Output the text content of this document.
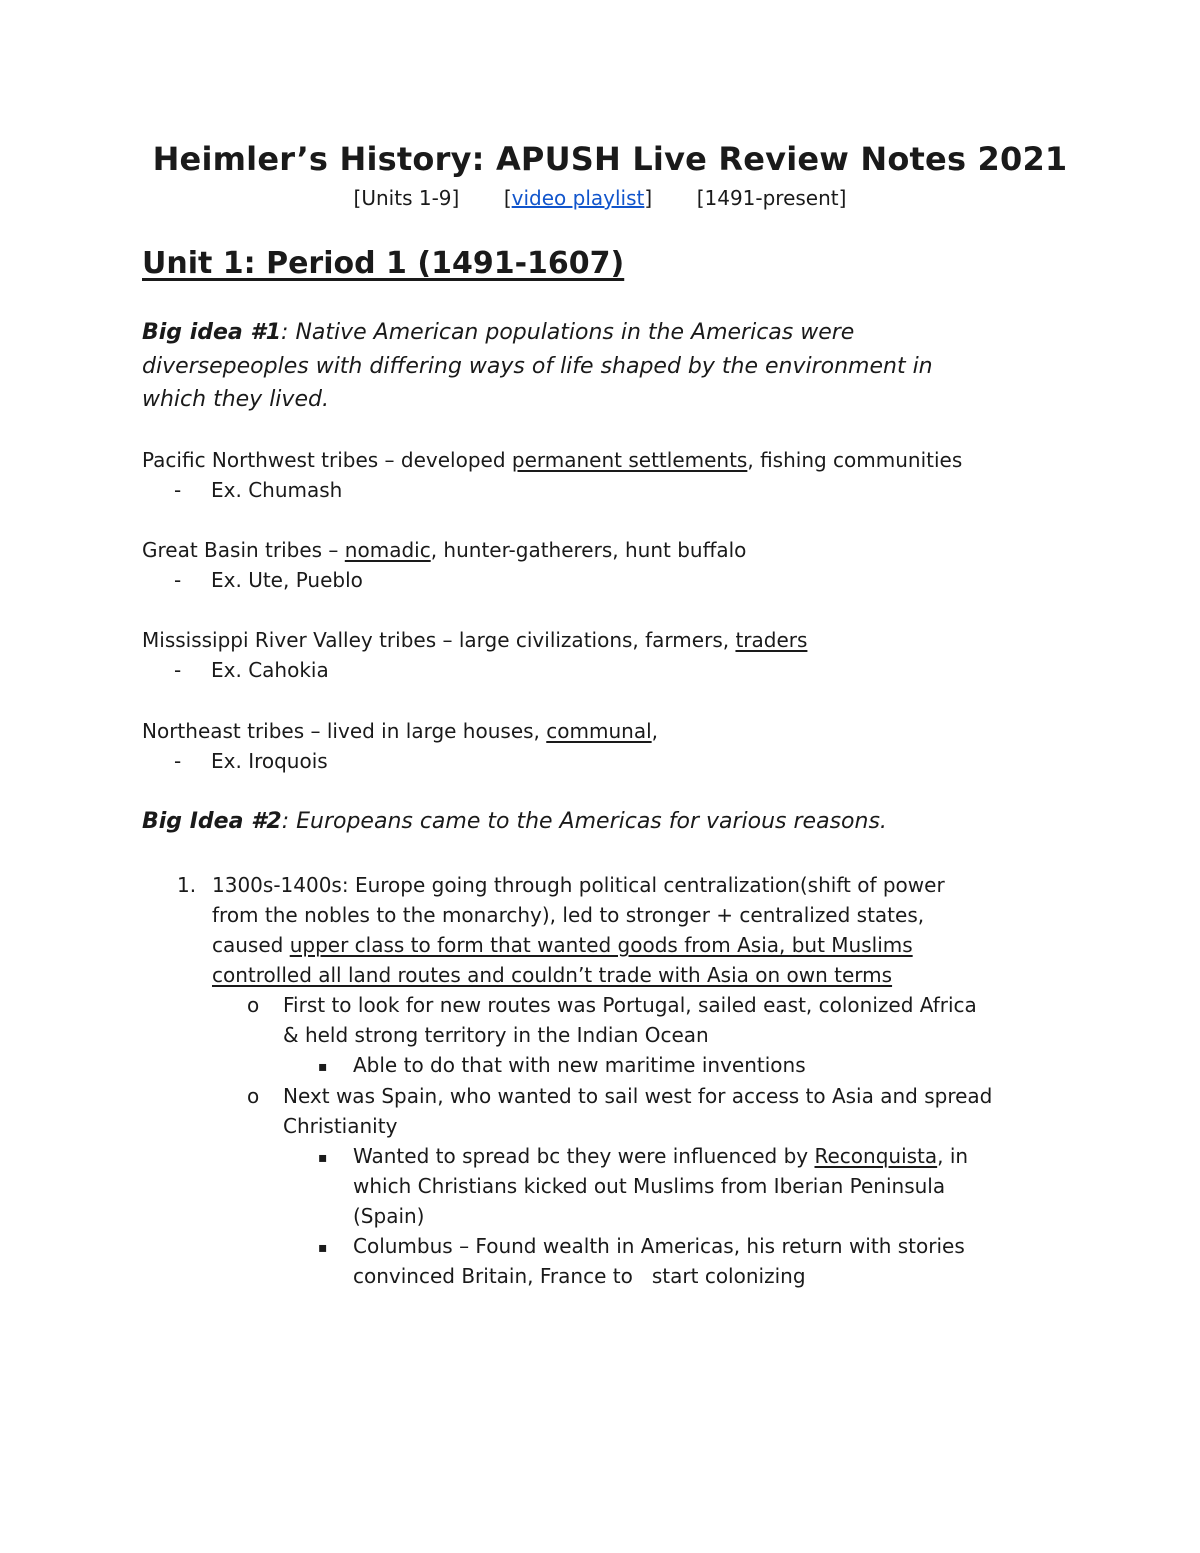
Heimler’s History: APUSH Live Review Notes 2021
[Units 1-9] [video playlist] [1491-present]
Unit 1: Period 1 (1491-1607)
Big idea #1: Native American populations in the Americas were
diversepeoples with differing ways of life shaped by the environment in
which they lived.
Pacific Northwest tribes – developed permanent settlements, fishing communities
- Ex. Chumash
Great Basin tribes – nomadic, hunter-gatherers, hunt buffalo
- Ex. Ute, Pueblo
Mississippi River Valley tribes – large civilizations, farmers, traders
- Ex. Cahokia
Northeast tribes – lived in large houses, communal,
- Ex. Iroquois
Big Idea #2: Europeans came to the Americas for various reasons.
1. 1300s-1400s: Europe going through political centralization(shift of power
from the nobles to the monarchy), led to stronger + centralized states,
caused upper class to form that wanted goods from Asia, but Muslims
controlled all land routes and couldn’t trade with Asia on own terms
o First to look for new routes was Portugal, sailed east, colonized Africa
& held strong territory in the Indian Ocean
▪ Able to do that with new maritime inventions
o Next was Spain, who wanted to sail west for access to Asia and spread
Christianity
▪ Wanted to spread bc they were influenced by Reconquista, in
which Christians kicked out Muslims from Iberian Peninsula
(Spain)
▪ Columbus – Found wealth in Americas, his return with stories
convinced Britain, France to   start colonizing
